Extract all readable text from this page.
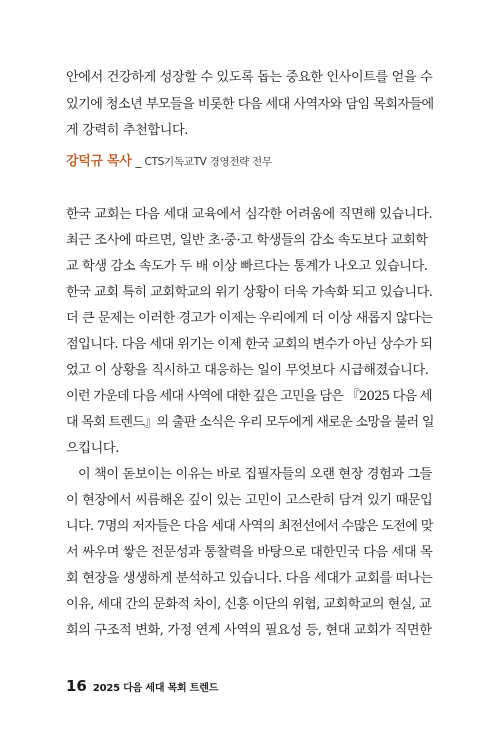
안에서 건강하게 성장할 수 있도록 돕는 중요한 인사이트를 얻을 수
있기에 청소년 부모들을 비롯한 다음 세대 사역자와 담임 목회자들에
게 강력히 추천합니다.
강덕규 목사 _ CTS기독교TV 경영전략 전무
한국 교회는 다음 세대 교육에서 심각한 어려움에 직면해 있습니다.
최근 조사에 따르면, 일반 초·중·고 학생들의 감소 속도보다 교회학
교 학생 감소 속도가 두 배 이상 빠르다는 통계가 나오고 있습니다.
한국 교회 특히 교회학교의 위기 상황이 더욱 가속화 되고 있습니다.
더 큰 문제는 이러한 경고가 이제는 우리에게 더 이상 새롭지 않다는
점입니다. 다음 세대 위기는 이제 한국 교회의 변수가 아닌 상수가 되
었고 이 상황을 직시하고 대응하는 일이 무엇보다 시급해졌습니다.
이런 가운데 다음 세대 사역에 대한 깊은 고민을 담은 『2025 다음 세
대 목회 트렌드』의 출판 소식은 우리 모두에게 새로운 소망을 불러 일
으킵니다.
이 책이 돋보이는 이유는 바로 집필자들의 오랜 현장 경험과 그들
이 현장에서 씨름해온 깊이 있는 고민이 고스란히 담겨 있기 때문입
니다. 7명의 저자들은 다음 세대 사역의 최전선에서 수많은 도전에 맞
서 싸우며 쌓은 전문성과 통찰력을 바탕으로 대한민국 다음 세대 목
회 현장을 생생하게 분석하고 있습니다. 다음 세대가 교회를 떠나는
이유, 세대 간의 문화적 차이, 신흥 이단의 위협, 교회학교의 현실, 교
회의 구조적 변화, 가정 연계 사역의 필요성 등, 현대 교회가 직면한
16 2025 다음 세대 목회 트렌드
